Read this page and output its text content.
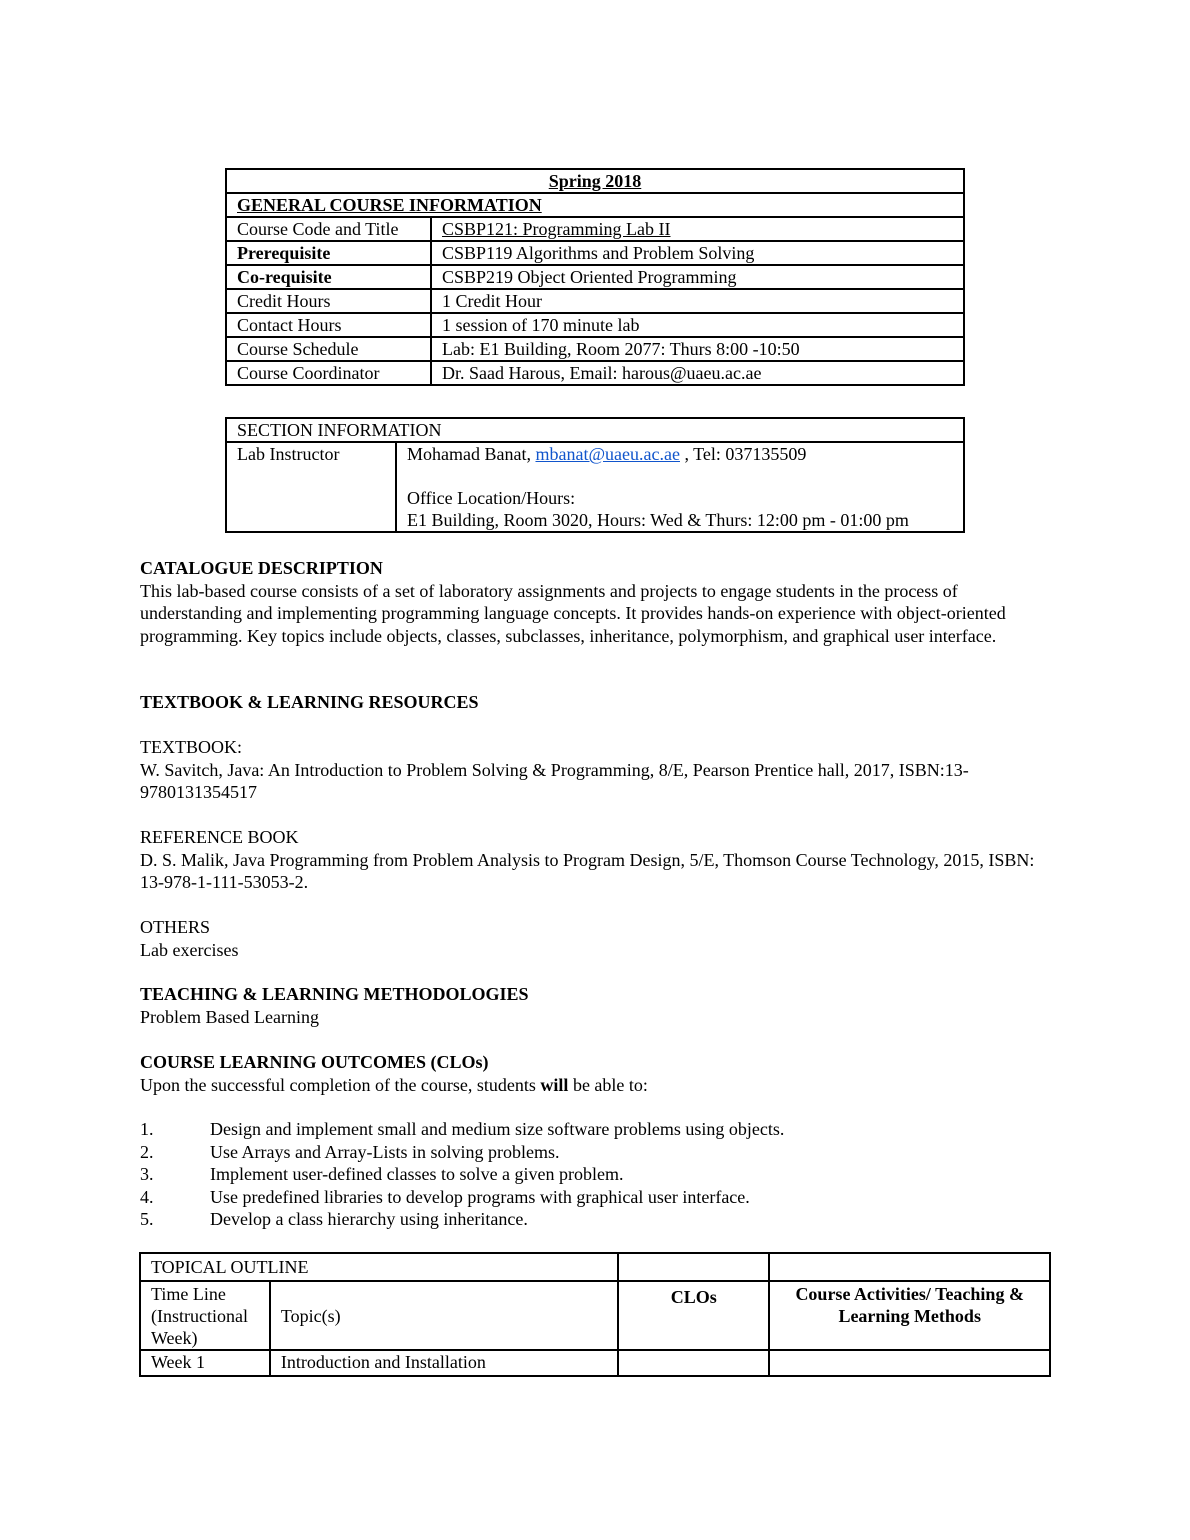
Spring 2018	
GENERAL COURSE INFORMATION	
Course Code and Title	CSBP121: Programming Lab II
Prerequisite	CSBP119 Algorithms and Problem Solving
Co-requisite	CSBP219 Object Oriented Programming
Credit Hours	1 Credit Hour
Contact Hours	1 session of 170 minute lab
Course Schedule	Lab: E1 Building, Room 2077: Thurs 8:00 -10:50
Course Coordinator	Dr. Saad Harous, Email: harous@uaeu.ac.ae
SECTION INFORMATION
Lab Instructor	Mohamad Banat, mbanat@uaeu.ac.ae , Tel: 037135509
Office Location/Hours:
E1 Building, Room 3020, Hours: Wed & Thurs: 12:00 pm - 01:00 pm

CATALOGUE DESCRIPTION

This lab-based course consists of a set of laboratory assignments and projects to engage students in the process of understanding and implementing programming language concepts. It provides hands-on experience with object-oriented programming. Key topics include objects, classes, subclasses, inheritance, polymorphism, and graphical user interface.

TEXTBOOK & LEARNING RESOURCES

TEXTBOOK:

W. Savitch, Java: An Introduction to Problem Solving & Programming, 8/E, Pearson Prentice hall, 2017, ISBN:13-9780131354517

REFERENCE BOOK

D. S. Malik, Java Programming from Problem Analysis to Program Design, 5/E, Thomson Course Technology, 2015, ISBN: 13-978-1-111-53053-2.

OTHERS

Lab exercises

TEACHING & LEARNING METHODOLOGIES

Problem Based Learning

COURSE LEARNING OUTCOMES (CLOs)

Upon the successful completion of the course, students will be able to:

1.	Design and implement small and medium size software problems using objects.
2.	Use Arrays and Array-Lists in solving problems.
3.	Implement user-defined classes to solve a given problem.
4.	Use predefined libraries to develop programs with graphical user interface.
5.	Develop a class hierarchy using inheritance.
TOPICAL OUTLINE			
Time Line (Instructional Week)	Topic(s)	CLOs	Course Activities/ Teaching & Learning Methods
Week 1	Introduction and Installation		
